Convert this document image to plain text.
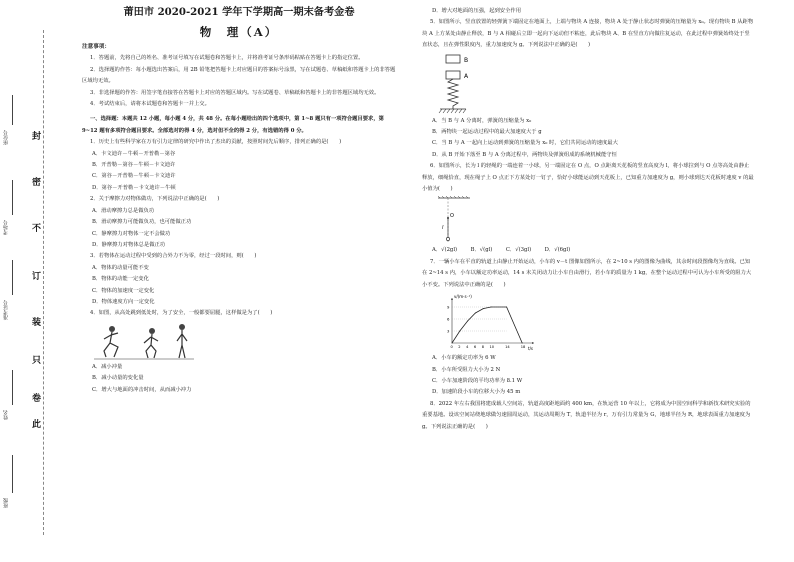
封
密
不
订
装
只
卷
此
座位号
考场号
准考证号
姓名
班级
莆田市 2020-2021 学年下学期高一期末备考金卷
物　理（A）
注意事项：

1．答题前，先将自己的姓名、准考证号填写在试题卷和答题卡上，并将准考证号条形码粘贴在答题卡上的指定位置。

2．选择题的作答：每小题选出答案后，用 2B 铅笔把答题卡上对应题目的答案标号涂黑，写在试题卷、草稿纸和答题卡上的非答题区域均无效。

3．非选择题的作答：用签字笔直接答在答题卡上对应的答题区域内。写在试题卷、草稿纸和答题卡上的非答题区域均无效。

4．考试结束后，请将本试题卷和答题卡一并上交。

一、选择题：本题共 12 小题，每小题 4 分，共 48 分。在每小题给出的四个选项中，第 1~8 题只有一项符合题目要求，第 9~12 题有多项符合题目要求。全部选对的得 4 分，选对但不全的得 2 分，有选错的得 0 分。

1．历史上有些科学家在万有引力定律的研究中作出了杰出的贡献，按照时间先后顺序，排列正确的是(　　)

A．卡文迪许－牛顿－开普勒－第谷

B．开普勒－第谷－牛顿－卡文迪许

C．第谷－开普勒－牛顿－卡文迪许

D．第谷－开普勒－卡文迪许－牛顿

2．关于摩擦力对物体做功，下列说法中正确的是(　　)

A．滑动摩擦力总是做负功

B．滑动摩擦力可能做负功，也可能做正功

C．静摩擦力对物体一定不会做功

D．静摩擦力对物体总是做正功

3．若物体在运动过程中受到的合外力不为零，经过一段时间，则(　　)

A．物体的动量可能不变

B．物体的动能一定变化

C．物体的加速度一定变化

D．物体速度方向一定变化

4．如图，从高处跳到低处时，为了安全，一般都要屈腿，这样做是为了(　　)

A．减小冲量

B．减小动量的变化量

C．增大与地面的冲击时间，从而减小冲力

D．增大对地面的压强，起到安全作用

5．如图所示，竖直放置的轻弹簧下端固定在地面上，上端与物块 A 连接，物块 A 处于静止状态时弹簧的压缩量为 x₀。现有物块 B 从距物块 A 上方某处由静止释放，B 与 A 相碰后立即一起向下运动但不粘连，此后物块 A、B 在竖直方向做往复运动，在此过程中弹簧始终处于竖直状态，且在弹性限度内，重力加速度为 g。下列说法中正确的是(　　)

B
A

A．当 B 与 A 分离时，弹簧的压缩量为 x₀

B．两物块一起运动过程中的最大加速度大于 g

C．当 B 与 A 一起向上运动到弹簧的压缩量为 x₀ 时，它们共同运动的速度最大

D．从 B 开始下落至 B 与 A 分离过程中，两物块及弹簧组成的系统机械能守恒

6．如图所示，长为 l 的轻绳的一端连着一小球，另一端固定在 O 点，O 点距离天花板的竖直高度为 l，将小球拉到与 O 点等高处由静止释放，细绳恰直，现在绳子上 O 点正下方某处钉一钉子，恰好小球能运动到天花板上，已知重力加速度为 g，则小球到达天花板时速度 v 的最小值为(　　)

O
l

A．√(2gl)	B．√(gl)	C．√(3gl)	D．√(6gl)

7．一辆小车在平直的轨道上由静止开始运动，小车的 v－t 图像如图所示，在 2~10 s 内的图像为曲线，其余时间段图像均为直线。已知在 2~14 s 内，小车以额定功率运动，14 s 末关闭动力让小车自由滑行，若小车的质量为 1 kg，在整个运动过程中可认为小车所受的阻力大小不变。下列说法中正确的是(　　)

v/(m·s⁻¹)
t/s
9
6
3
0 2 4 6 8 10	14	18

A．小车的额定功率为 6 W

B．小车所受阻力大小为 2 N

C．小车加速阶段的平均功率为 8.1 W

D．加速阶段小车的位移大小为 45 m

8．2022 年左右我国将建成载人空间站，轨道高度距地面约 400 km，在轨运营 10 年以上，它将成为中国空间科学和新技术研究实验的重要基地。设该空间站绕地球做匀速圆周运动，其运动周期为 T，轨道半径为 r，万有引力常量为 G，地球半径为 R，地球表面重力加速度为 g。下列说法正确的是(　　)
